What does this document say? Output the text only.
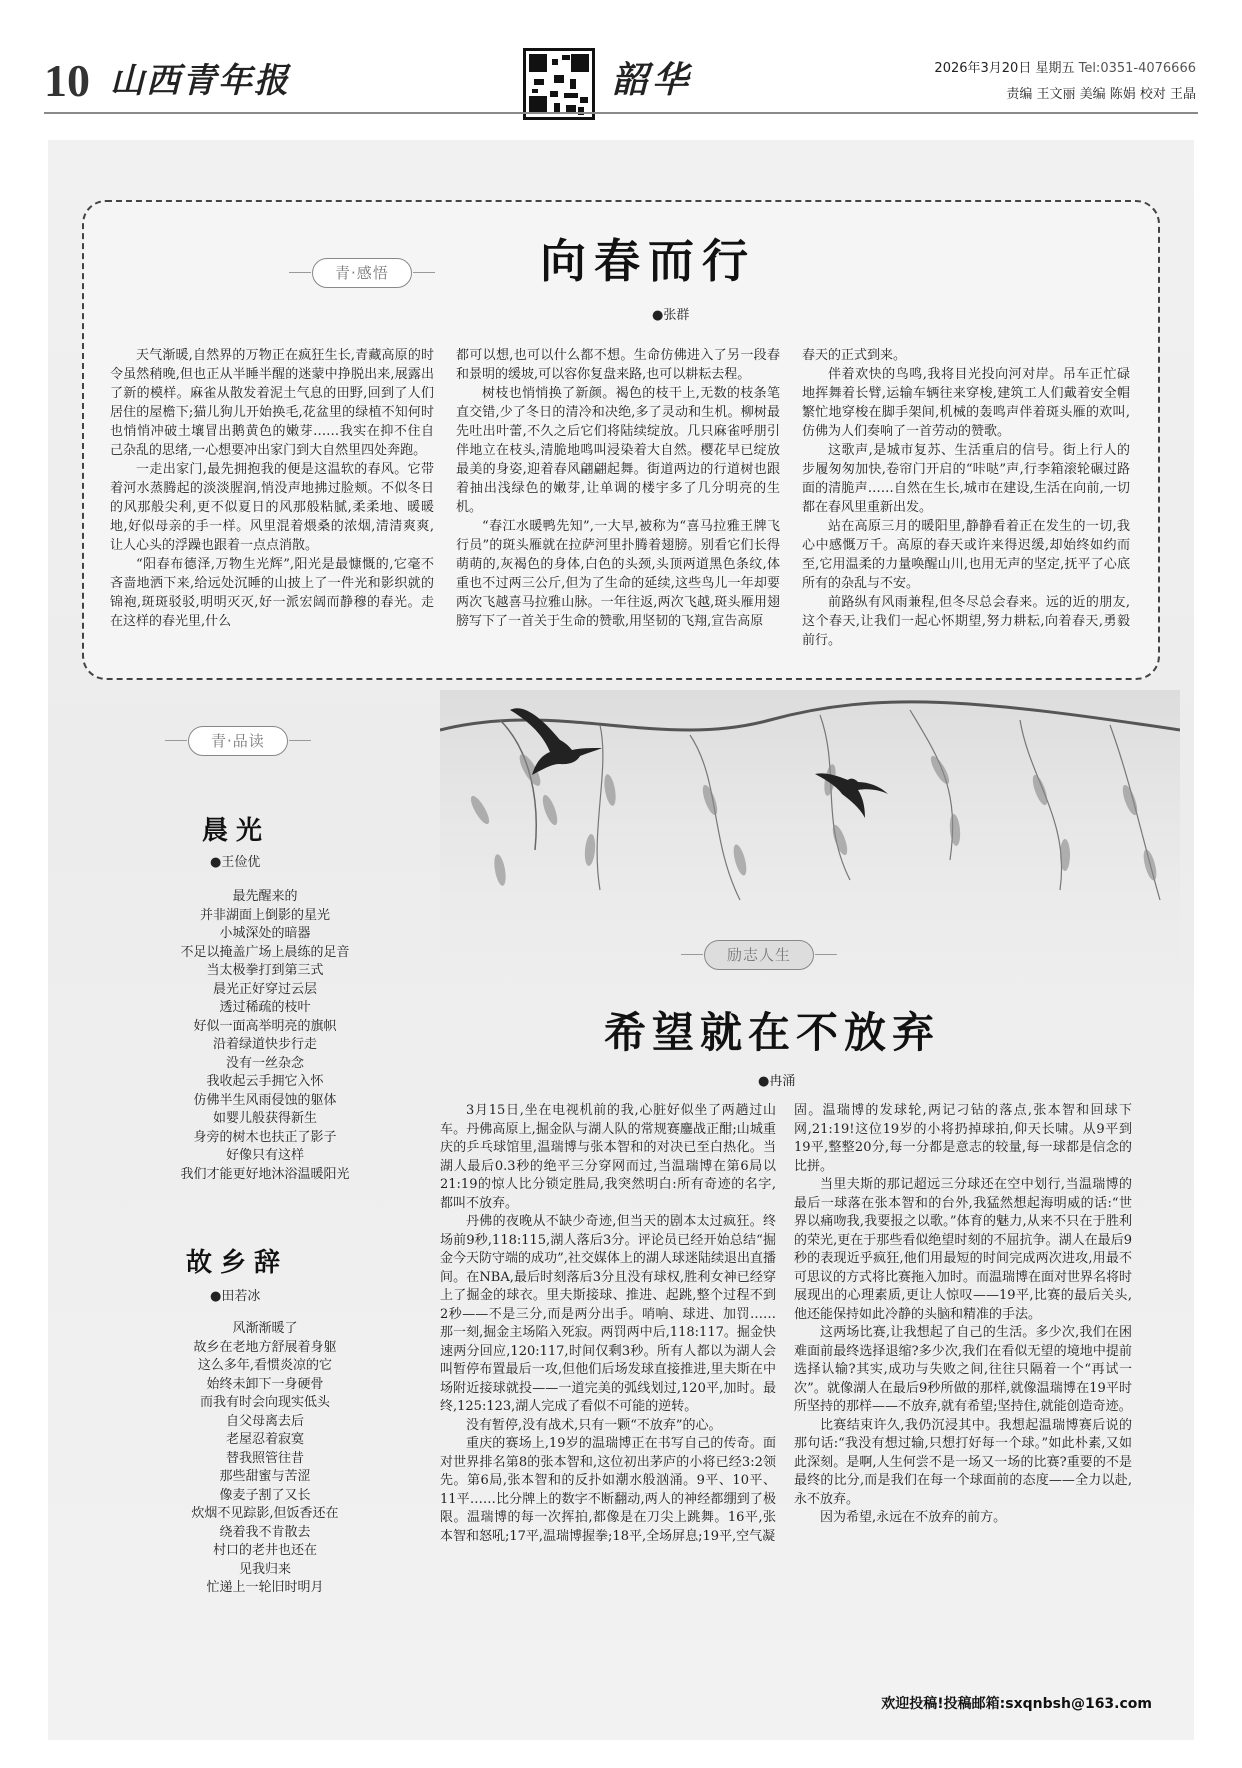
10 山西青年报	韶华	2026年3月20日 星期五 Tel:0351-4076666
责编 王文丽 美编 陈娟 校对 王晶
青·感悟	向春而行
●张群

天气渐暖,自然界的万物正在疯狂生长,青藏高原的时令虽然稍晚,但也正从半睡半醒的迷蒙中挣脱出来,展露出了新的模样。麻雀从散发着泥土气息的田野,回到了人们居住的屋檐下;猫儿狗儿开始换毛,花盆里的绿植不知何时也悄悄冲破土壤冒出鹅黄色的嫩芽……我实在抑不住自己杂乱的思绪,一心想要冲出家门到大自然里四处奔跑。

一走出家门,最先拥抱我的便是这温软的春风。它带着河水蒸腾起的淡淡腥润,悄没声地拂过脸颊。不似冬日的风那般尖利,更不似夏日的风那般粘腻,柔柔地、暖暖地,好似母亲的手一样。风里混着煨桑的浓烟,清清爽爽,让人心头的浮躁也跟着一点点消散。

“阳春布德泽,万物生光辉”,阳光是最慷慨的,它毫不吝啬地洒下来,给远处沉睡的山披上了一件光和影织就的锦袍,斑斑驳驳,明明灭灭,好一派宏阔而静穆的春光。走在这样的春光里,什么

都可以想,也可以什么都不想。生命仿佛进入了另一段春和景明的缓坡,可以容你复盘来路,也可以耕耘去程。

树枝也悄悄换了新颜。褐色的枝干上,无数的枝条笔直交错,少了冬日的清冷和决绝,多了灵动和生机。柳树最先吐出叶蕾,不久之后它们将陆续绽放。几只麻雀呼朋引伴地立在枝头,清脆地鸣叫浸染着大自然。樱花早已绽放最美的身姿,迎着春风翩翩起舞。街道两边的行道树也跟着抽出浅绿色的嫩芽,让单调的楼宇多了几分明亮的生机。

“春江水暖鸭先知”,一大早,被称为“喜马拉雅王牌飞行员”的斑头雁就在拉萨河里扑腾着翅膀。别看它们长得萌萌的,灰褐色的身体,白色的头颈,头顶两道黑色条纹,体重也不过两三公斤,但为了生命的延续,这些鸟儿一年却要两次飞越喜马拉雅山脉。一年往返,两次飞越,斑头雁用翅膀写下了一首关于生命的赞歌,用坚韧的飞翔,宣告高原

春天的正式到来。

伴着欢快的鸟鸣,我将目光投向河对岸。吊车正忙碌地挥舞着长臂,运输车辆往来穿梭,建筑工人们戴着安全帽繁忙地穿梭在脚手架间,机械的轰鸣声伴着斑头雁的欢叫,仿佛为人们奏响了一首劳动的赞歌。

这歌声,是城市复苏、生活重启的信号。街上行人的步履匆匆加快,卷帘门开启的“咔哒”声,行李箱滚轮碾过路面的清脆声……自然在生长,城市在建设,生活在向前,一切都在春风里重新出发。

站在高原三月的暖阳里,静静看着正在发生的一切,我心中感慨万千。高原的春天或许来得迟缓,却始终如约而至,它用温柔的力量唤醒山川,也用无声的坚定,抚平了心底所有的杂乱与不安。

前路纵有风雨兼程,但冬尽总会春来。远的近的朋友,这个春天,让我们一起心怀期望,努力耕耘,向着春天,勇毅前行。

励志人生
青·品读
晨光
●王俭优
最先醒来的
并非湖面上倒影的星光
小城深处的暗器
不足以掩盖广场上晨练的足音
当太极拳打到第三式
晨光正好穿过云层
透过稀疏的枝叶
好似一面高举明亮的旗帜
沿着绿道快步行走
没有一丝杂念
我收起云手拥它入怀
仿佛半生风雨侵蚀的躯体
如婴儿般获得新生
身旁的树木也扶正了影子
好像只有这样
我们才能更好地沐浴温暖阳光
故乡辞
●田若冰
风渐渐暖了
故乡在老地方舒展着身躯
这么多年,看惯炎凉的它
始终未卸下一身硬骨
而我有时会向现实低头
自父母离去后
老屋忍着寂寞
替我照管往昔
那些甜蜜与苦涩
像麦子割了又长
炊烟不见踪影,但饭香还在
绕着我不肯散去
村口的老井也还在
见我归来
忙递上一轮旧时明月
希望就在不放弃
●冉涌

3月15日,坐在电视机前的我,心脏好似坐了两趟过山车。丹佛高原上,掘金队与湖人队的常规赛鏖战正酣;山城重庆的乒乓球馆里,温瑞博与张本智和的对决已至白热化。当湖人最后0.3秒的绝平三分穿网而过,当温瑞博在第6局以21:19的惊人比分锁定胜局,我突然明白:所有奇迹的名字,都叫不放弃。

丹佛的夜晚从不缺少奇迹,但当天的剧本太过疯狂。终场前9秒,118:115,湖人落后3分。评论员已经开始总结“掘金今天防守端的成功”,社交媒体上的湖人球迷陆续退出直播间。在NBA,最后时刻落后3分且没有球权,胜利女神已经穿上了掘金的球衣。里夫斯接球、推进、起跳,整个过程不到2秒——不是三分,而是两分出手。哨响、球进、加罚……那一刻,掘金主场陷入死寂。两罚两中后,118:117。掘金快速两分回应,120:117,时间仅剩3秒。所有人都以为湖人会叫暂停布置最后一攻,但他们后场发球直接推进,里夫斯在中场附近接球就投——一道完美的弧线划过,120平,加时。最终,125:123,湖人完成了看似不可能的逆转。

没有暂停,没有战术,只有一颗“不放弃”的心。

重庆的赛场上,19岁的温瑞博正在书写自己的传奇。面对世界排名第8的张本智和,这位初出茅庐的小将已经3:2领先。第6局,张本智和的反扑如潮水般汹涌。9平、10平、11平……比分牌上的数字不断翻动,两人的神经都绷到了极限。温瑞博的每一次挥拍,都像是在刀尖上跳舞。16平,张本智和怒吼;17平,温瑞博握拳;18平,全场屏息;19平,空气凝

固。温瑞博的发球轮,两记刁钻的落点,张本智和回球下网,21:19!这位19岁的小将扔掉球拍,仰天长啸。从9平到19平,整整20分,每一分都是意志的较量,每一球都是信念的比拼。

当里夫斯的那记超远三分球还在空中划行,当温瑞博的最后一球落在张本智和的台外,我猛然想起海明威的话:“世界以痛吻我,我要报之以歌。”体育的魅力,从来不只在于胜利的荣光,更在于那些看似绝望时刻的不屈抗争。湖人在最后9秒的表现近乎疯狂,他们用最短的时间完成两次进攻,用最不可思议的方式将比赛拖入加时。而温瑞博在面对世界名将时展现出的心理素质,更让人惊叹——19平,比赛的最后关头,他还能保持如此冷静的头脑和精准的手法。

这两场比赛,让我想起了自己的生活。多少次,我们在困难面前最终选择退缩?多少次,我们在看似无望的境地中提前选择认输?其实,成功与失败之间,往往只隔着一个“再试一次”。就像湖人在最后9秒所做的那样,就像温瑞博在19平时所坚持的那样——不放弃,就有希望;坚持住,就能创造奇迹。

比赛结束许久,我仍沉浸其中。我想起温瑞博赛后说的那句话:“我没有想过输,只想打好每一个球。”如此朴素,又如此深刻。是啊,人生何尝不是一场又一场的比赛?重要的不是最终的比分,而是我们在每一个球面前的态度——全力以赴,永不放弃。

因为希望,永远在不放弃的前方。

欢迎投稿!投稿邮箱:sxqnbsh@163.com
